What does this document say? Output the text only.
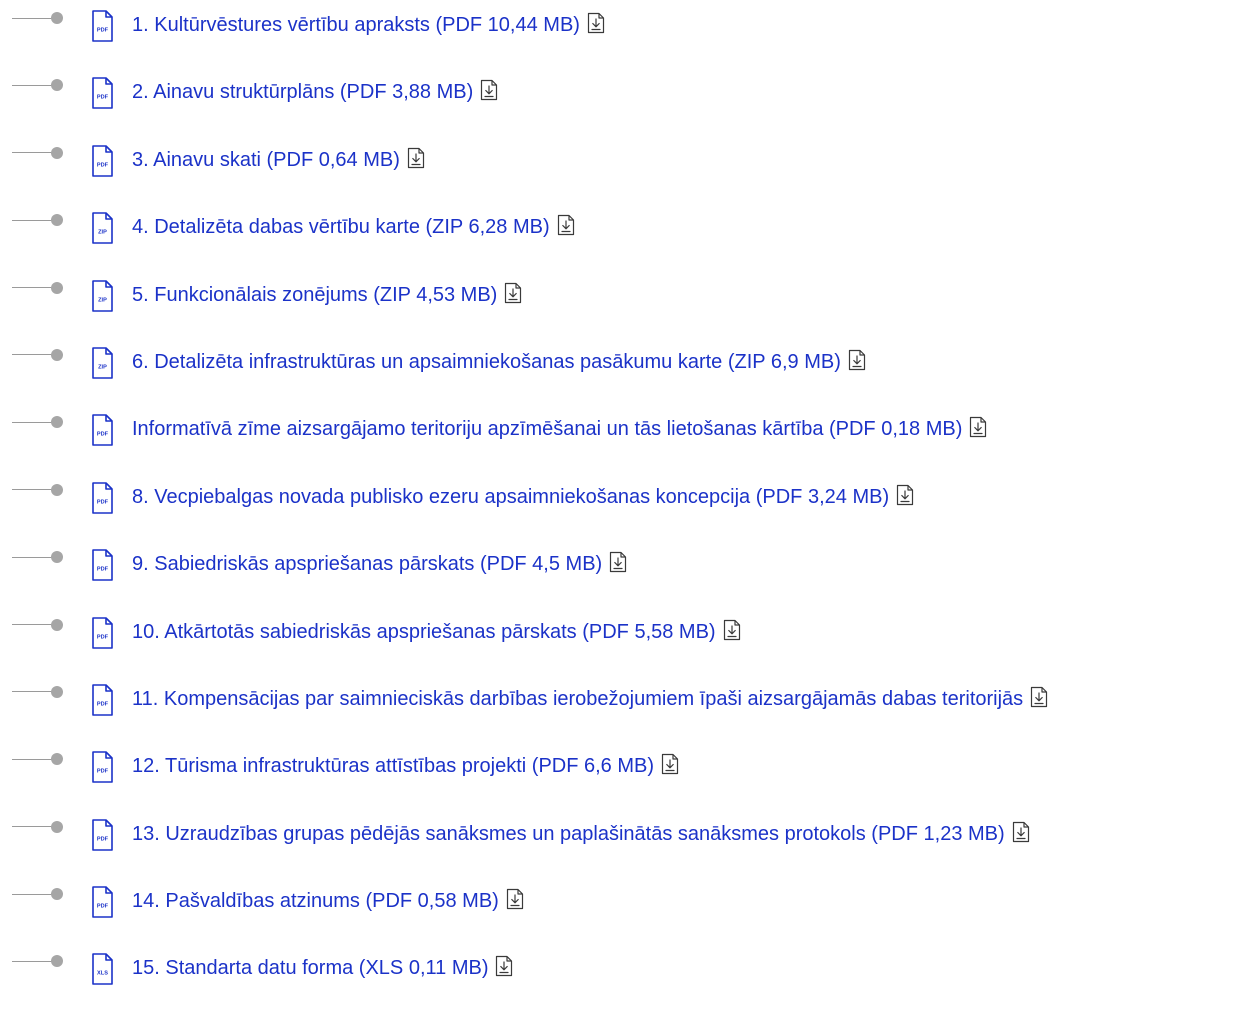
PDF 1. Kultūrvēstures vērtību apraksts (PDF 10,44 MB)
PDF 2. Ainavu struktūrplāns (PDF 3,88 MB)
PDF 3. Ainavu skati (PDF 0,64 MB)
ZIP 4. Detalizēta dabas vērtību karte (ZIP 6,28 MB)
ZIP 5. Funkcionālais zonējums (ZIP 4,53 MB)
ZIP 6. Detalizēta infrastruktūras un apsaimniekošanas pasākumu karte (ZIP 6,9 MB)
PDF Informatīvā zīme aizsargājamo teritoriju apzīmēšanai un tās lietošanas kārtība (PDF 0,18 MB)
PDF 8. Vecpiebalgas novada publisko ezeru apsaimniekošanas koncepcija (PDF 3,24 MB)
PDF 9. Sabiedriskās apspriešanas pārskats (PDF 4,5 MB)
PDF 10. Atkārtotās sabiedriskās apspriešanas pārskats (PDF 5,58 MB)
PDF 11. Kompensācijas par saimnieciskās darbības ierobežojumiem īpaši aizsargājamās dabas teritorijās
PDF 12. Tūrisma infrastruktūras attīstības projekti (PDF 6,6 MB)
PDF 13. Uzraudzības grupas pēdējās sanāksmes un paplašinātās sanāksmes protokols (PDF 1,23 MB)
PDF 14. Pašvaldības atzinums (PDF 0,58 MB)
XLS 15. Standarta datu forma (XLS 0,11 MB)
